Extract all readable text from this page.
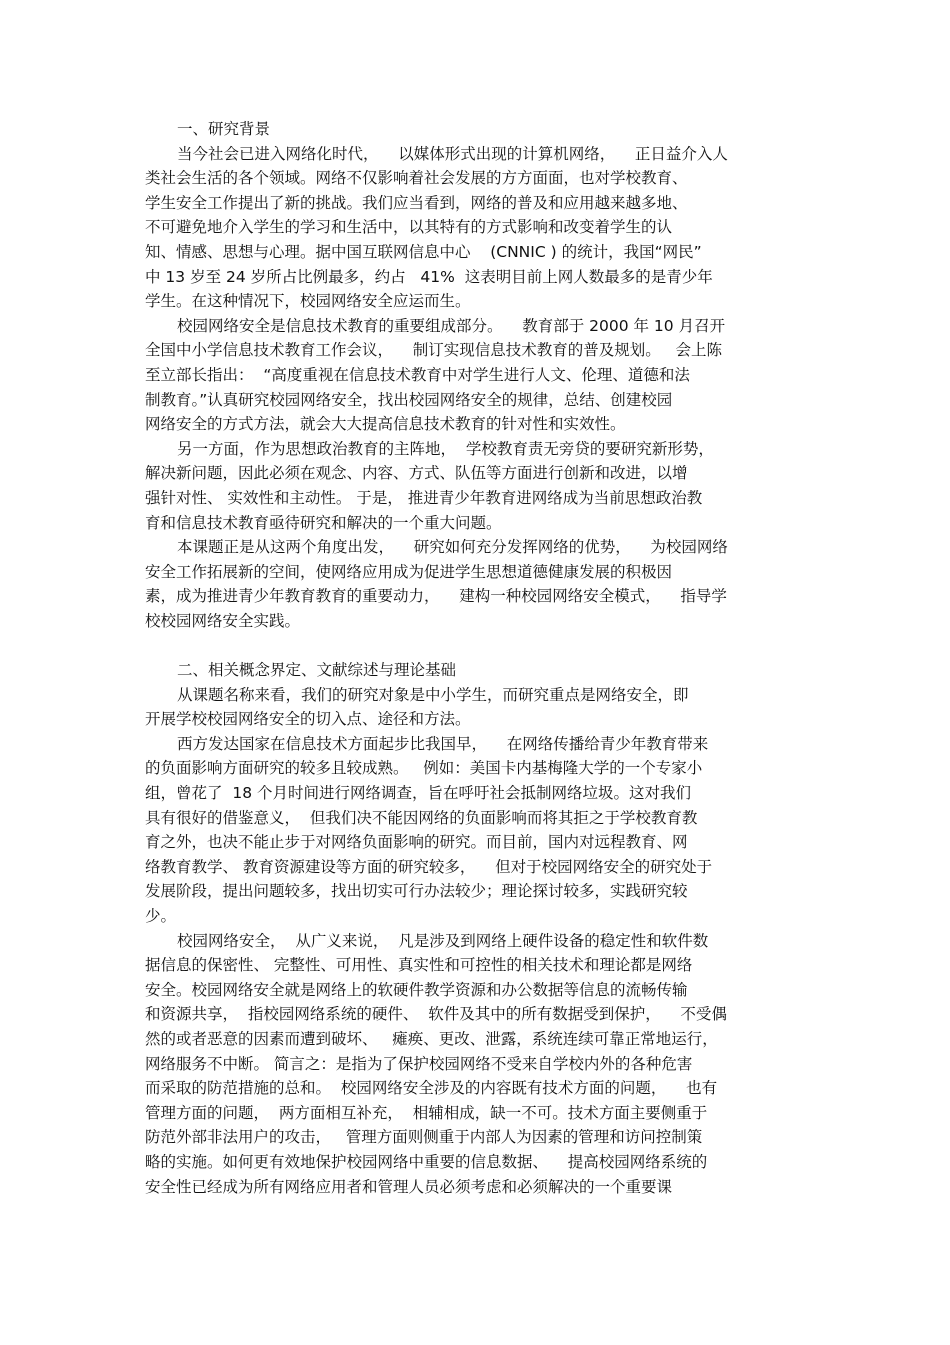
一、研究背景
当今社会已进入网络化时代，    以媒体形式出现的计算机网络，    正日益介入人
类社会生活的各个领域。网络不仅影响着社会发展的方方面面，也对学校教育、
学生安全工作提出了新的挑战。我们应当看到，网络的普及和应用越来越多地、
不可避免地介入学生的学习和生活中，以其特有的方式影响和改变着学生的认
知、情感、思想与心理。据中国互联网信息中心    (CNNIC ) 的统计，我国“网民”
中 13 岁至 24 岁所占比例最多，约占   41%  这表明目前上网人数最多的是青少年
学生。在这种情况下，校园网络安全应运而生。
校园网络安全是信息技术教育的重要组成部分。    教育部于 2000 年 10 月召开
全国中小学信息技术教育工作会议，    制订实现信息技术教育的普及规划。   会上陈
至立部长指出：  “高度重视在信息技术教育中对学生进行人文、伦理、道德和法
制教育。”认真研究校园网络安全，找出校园网络安全的规律，总结、创建校园
网络安全的方式方法，就会大大提高信息技术教育的针对性和实效性。
另一方面，作为思想政治教育的主阵地，  学校教育责无旁贷的要研究新形势，
解决新问题，因此必须在观念、内容、方式、队伍等方面进行创新和改进，以增
强针对性、 实效性和主动性。 于是， 推进青少年教育进网络成为当前思想政治教
育和信息技术教育亟待研究和解决的一个重大问题。
本课题正是从这两个角度出发，    研究如何充分发挥网络的优势，    为校园网络
安全工作拓展新的空间，使网络应用成为促进学生思想道德健康发展的积极因
素，成为推进青少年教育教育的重要动力，    建构一种校园网络安全模式，    指导学
校校园网络安全实践。
二、相关概念界定、文献综述与理论基础
从课题名称来看，我们的研究对象是中小学生，而研究重点是网络安全，即
开展学校校园网络安全的切入点、途径和方法。
西方发达国家在信息技术方面起步比我国早，    在网络传播给青少年教育带来
的负面影响方面研究的较多且较成熟。   例如：美国卡内基梅隆大学的一个专家小
组，曾花了  18 个月时间进行网络调查，旨在呼吁社会抵制网络垃圾。这对我们
具有很好的借鉴意义，  但我们决不能因网络的负面影响而将其拒之于学校教育教
育之外，也决不能止步于对网络负面影响的研究。而目前，国内对远程教育、网
络教育教学、 教育资源建设等方面的研究较多，    但对于校园网络安全的研究处于
发展阶段，提出问题较多，找出切实可行办法较少；理论探讨较多，实践研究较
少。
校园网络安全，  从广义来说，  凡是涉及到网络上硬件设备的稳定性和软件数
据信息的保密性、 完整性、可用性、真实性和可控性的相关技术和理论都是网络
安全。校园网络安全就是网络上的软硬件教学资源和办公数据等信息的流畅传输
和资源共享，  指校园网络系统的硬件、  软件及其中的所有数据受到保护，    不受偶
然的或者恶意的因素而遭到破坏、   瘫痪、更改、泄露，系统连续可靠正常地运行，
网络服务不中断。 简言之：是指为了保护校园网络不受来自学校内外的各种危害
而采取的防范措施的总和。  校园网络安全涉及的内容既有技术方面的问题，    也有
管理方面的问题，  两方面相互补充，  相辅相成，缺一不可。技术方面主要侧重于
防范外部非法用户的攻击，   管理方面则侧重于内部人为因素的管理和访问控制策
略的实施。如何更有效地保护校园网络中重要的信息数据、    提高校园网络系统的
安全性已经成为所有网络应用者和管理人员必须考虑和必须解决的一个重要课
